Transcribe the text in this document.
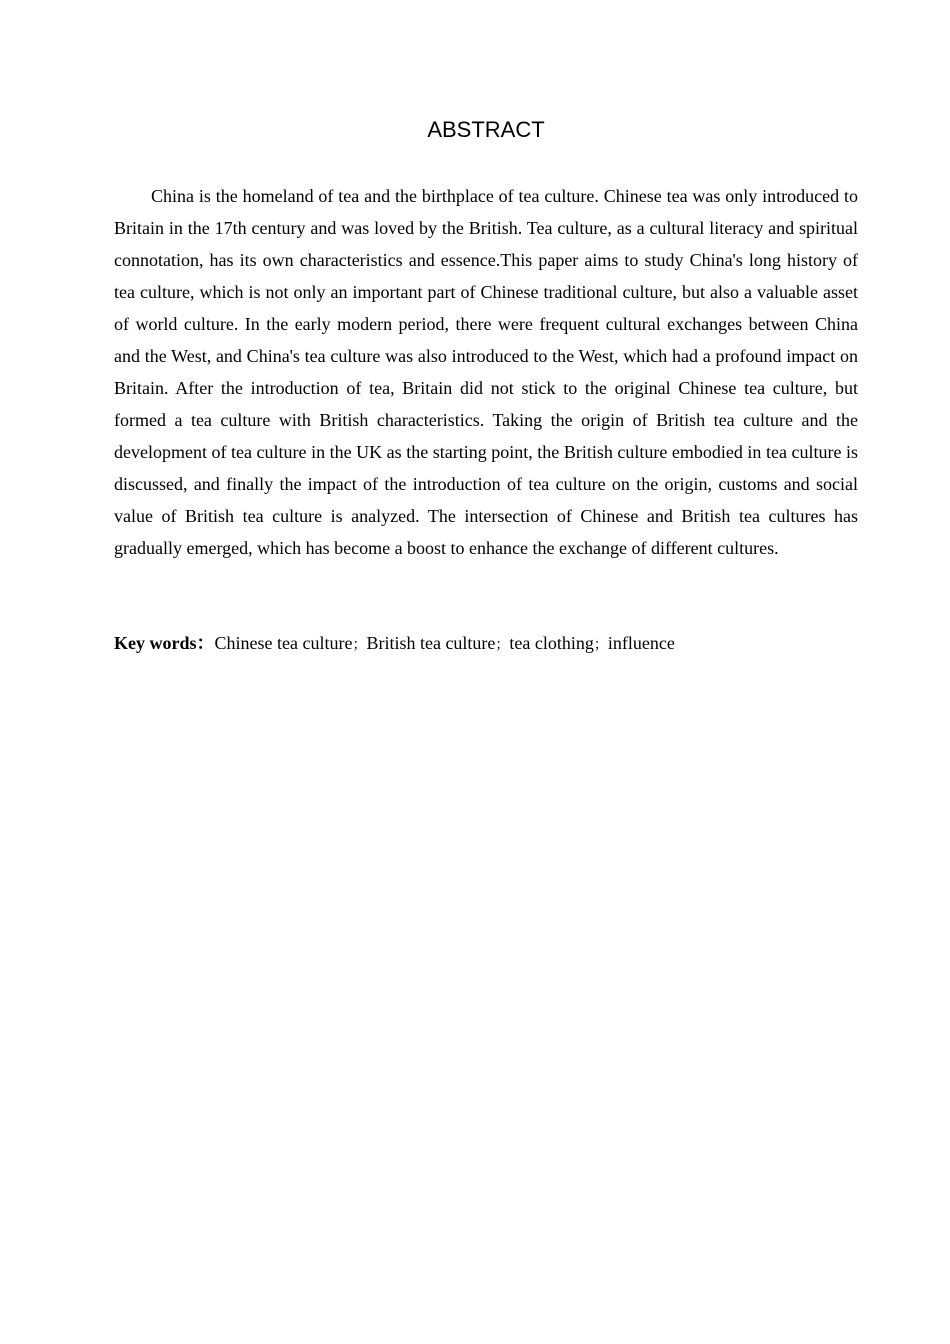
ABSTRACT

China is the homeland of tea and the birthplace of tea culture. Chinese tea was only introduced to Britain in the 17th century and was loved by the British. Tea culture, as a cultural literacy and spiritual connotation, has its own characteristics and essence.This paper aims to study China's long history of tea culture, which is not only an important part of Chinese traditional culture, but also a valuable asset of world culture. In the early modern period, there were frequent cultural exchanges between China and the West, and China's tea culture was also introduced to the West, which had a profound impact on Britain. After the introduction of tea, Britain did not stick to the original Chinese tea culture, but formed a tea culture with British characteristics. Taking the origin of British tea culture and the development of tea culture in the UK as the starting point, the British culture embodied in tea culture is discussed, and finally the impact of the introduction of tea culture on the origin, customs and social value of British tea culture is analyzed. The intersection of Chinese and British tea cultures has gradually emerged, which has become a boost to enhance the exchange of different cultures.

Key words：Chinese tea culture；British tea culture；tea clothing；influence
